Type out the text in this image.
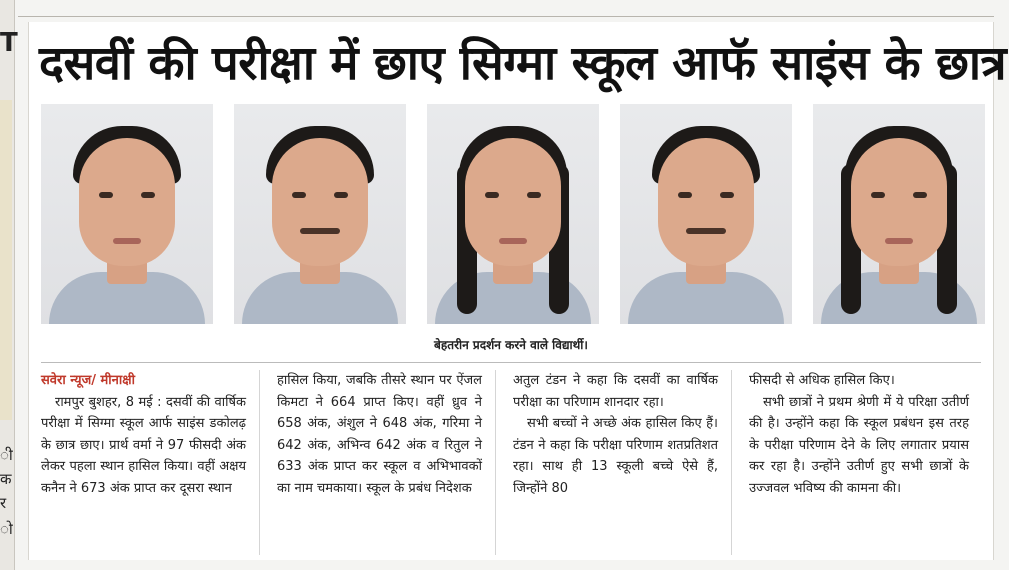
T
ी
क
र
ो
दसवीं की परीक्षा में छाए सिग्मा स्कूल आफॅ साइंस के छात्र
बेहतरीन प्रदर्शन करने वाले विद्यार्थी।

सवेरा न्यूज/ मीनाक्षी

रामपुर बुशहर, 8 मई : दसवीं की वार्षिक परीक्षा में सिग्मा स्कूल आर्फ साइंस डकोलढ़ के छात्र छाए। प्रार्थ वर्मा ने 97 फीसदी अंक लेकर पहला स्थान हासिल किया। वहीं अक्षय कनैन ने 673 अंक प्राप्त कर दूसरा स्थान

हासिल किया, जबकि तीसरे स्थान पर ऐंजल किमटा ने 664 प्राप्त किए। वहीं ध्रुव ने 658 अंक, अंशुल ने 648 अंक, गरिमा ने 642 अंक, अभिन्व 642 अंक व रितुल ने 633 अंक प्राप्त कर स्कूल व अभिभावकों का नाम चमकाया। स्कूल के प्रबंध निदेशक

अतुल टंडन ने कहा कि दसवीं का वार्षिक परीक्षा का परिणाम शानदार रहा।

सभी बच्चों ने अच्छे अंक हासिल किए हैं। टंडन ने कहा कि परीक्षा परिणाम शतप्रतिशत रहा। साथ ही 13 स्कूली बच्चे ऐसे हैं, जिन्होंने 80

फीसदी से अधिक हासिल किए।

सभी छात्रों ने प्रथम श्रेणी में ये परिक्षा उतीर्ण की है। उन्होंने कहा कि स्कूल प्रबंधन इस तरह के परीक्षा परिणाम देने के लिए लगातार प्रयास कर रहा है। उन्होंने उतीर्ण हुए सभी छात्रों के उज्जवल भविष्य की कामना की।
